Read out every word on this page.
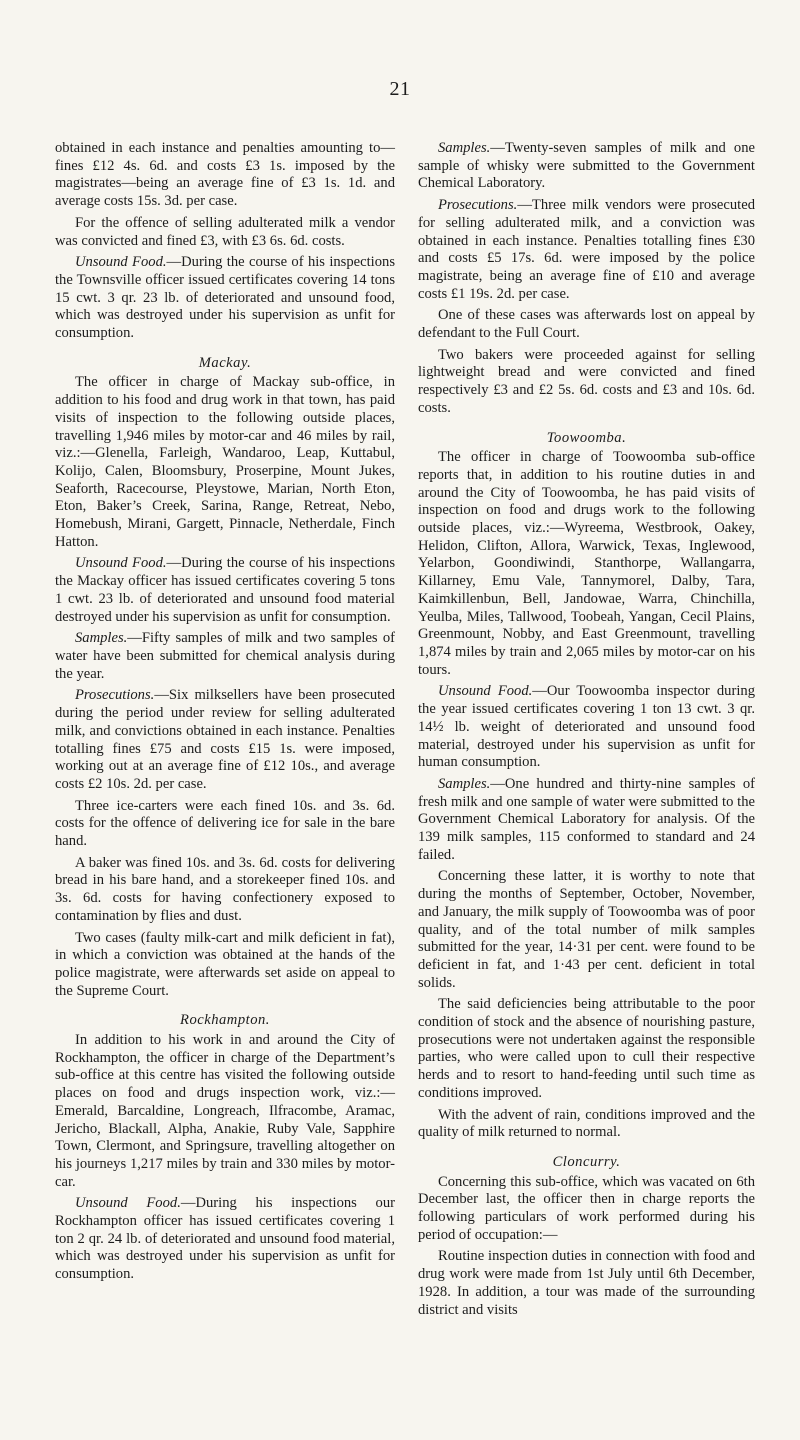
21

obtained in each instance and penalties amounting to—fines £12 4s. 6d. and costs £3 1s. imposed by the magistrates—being an average fine of £3 1s. 1d. and average costs 15s. 3d. per case.

For the offence of selling adulterated milk a vendor was convicted and fined £3, with £3 6s. 6d. costs.

Unsound Food.—During the course of his inspections the Townsville officer issued certificates covering 14 tons 15 cwt. 3 qr. 23 lb. of deteriorated and unsound food, which was destroyed under his supervision as unfit for consumption.

Mackay.

The officer in charge of Mackay sub-office, in addition to his food and drug work in that town, has paid visits of inspection to the following outside places, travelling 1,946 miles by motor-car and 46 miles by rail, viz.:—Glenella, Farleigh, Wandaroo, Leap, Kuttabul, Kolijo, Calen, Bloomsbury, Proserpine, Mount Jukes, Seaforth, Racecourse, Pleystowe, Marian, North Eton, Eton, Baker’s Creek, Sarina, Range, Retreat, Nebo, Homebush, Mirani, Gargett, Pinnacle, Netherdale, Finch Hatton.

Unsound Food.—During the course of his inspections the Mackay officer has issued certificates covering 5 tons 1 cwt. 23 lb. of deteriorated and unsound food material destroyed under his supervision as unfit for consumption.

Samples.—Fifty samples of milk and two samples of water have been submitted for chemical analysis during the year.

Prosecutions.—Six milksellers have been prosecuted during the period under review for selling adulterated milk, and convictions obtained in each instance. Penalties totalling fines £75 and costs £15 1s. were imposed, working out at an average fine of £12 10s., and average costs £2 10s. 2d. per case.

Three ice-carters were each fined 10s. and 3s. 6d. costs for the offence of delivering ice for sale in the bare hand.

A baker was fined 10s. and 3s. 6d. costs for delivering bread in his bare hand, and a storekeeper fined 10s. and 3s. 6d. costs for having confectionery exposed to contamination by flies and dust.

Two cases (faulty milk-cart and milk deficient in fat), in which a conviction was obtained at the hands of the police magistrate, were afterwards set aside on appeal to the Supreme Court.

Rockhampton.

In addition to his work in and around the City of Rockhampton, the officer in charge of the Department’s sub-office at this centre has visited the following outside places on food and drugs inspection work, viz.:—Emerald, Barcaldine, Longreach, Ilfracombe, Aramac, Jericho, Blackall, Alpha, Anakie, Ruby Vale, Sapphire Town, Clermont, and Springsure, travelling altogether on his journeys 1,217 miles by train and 330 miles by motor-car.

Unsound Food.—During his inspections our Rockhampton officer has issued certificates covering 1 ton 2 qr. 24 lb. of deteriorated and unsound food material, which was destroyed under his supervision as unfit for consumption.

Samples.—Twenty-seven samples of milk and one sample of whisky were submitted to the Government Chemical Laboratory.

Prosecutions.—Three milk vendors were prosecuted for selling adulterated milk, and a conviction was obtained in each instance. Penalties totalling fines £30 and costs £5 17s. 6d. were imposed by the police magistrate, being an average fine of £10 and average costs £1 19s. 2d. per case.

One of these cases was afterwards lost on appeal by defendant to the Full Court.

Two bakers were proceeded against for selling lightweight bread and were convicted and fined respectively £3 and £2 5s. 6d. costs and £3 and 10s. 6d. costs.

Toowoomba.

The officer in charge of Toowoomba sub-office reports that, in addition to his routine duties in and around the City of Toowoomba, he has paid visits of inspection on food and drugs work to the following outside places, viz.:—Wyreema, Westbrook, Oakey, Helidon, Clifton, Allora, Warwick, Texas, Inglewood, Yelarbon, Goondiwindi, Stanthorpe, Wallangarra, Killarney, Emu Vale, Tannymorel, Dalby, Tara, Kaimkillenbun, Bell, Jandowae, Warra, Chinchilla, Yeulba, Miles, Tallwood, Toobeah, Yangan, Cecil Plains, Greenmount, Nobby, and East Greenmount, travelling 1,874 miles by train and 2,065 miles by motor-car on his tours.

Unsound Food.—Our Toowoomba inspector during the year issued certificates covering 1 ton 13 cwt. 3 qr. 14½ lb. weight of deteriorated and unsound food material, destroyed under his supervision as unfit for human consumption.

Samples.—One hundred and thirty-nine samples of fresh milk and one sample of water were submitted to the Government Chemical Laboratory for analysis. Of the 139 milk samples, 115 conformed to standard and 24 failed.

Concerning these latter, it is worthy to note that during the months of September, October, November, and January, the milk supply of Toowoomba was of poor quality, and of the total number of milk samples submitted for the year, 14·31 per cent. were found to be deficient in fat, and 1·43 per cent. deficient in total solids.

The said deficiencies being attributable to the poor condition of stock and the absence of nourishing pasture, prosecutions were not undertaken against the responsible parties, who were called upon to cull their respective herds and to resort to hand-feeding until such time as conditions improved.

With the advent of rain, conditions improved and the quality of milk returned to normal.

Cloncurry.

Concerning this sub-office, which was vacated on 6th December last, the officer then in charge reports the following particulars of work performed during his period of occupation:—

Routine inspection duties in connection with food and drug work were made from 1st July until 6th December, 1928. In addition, a tour was made of the surrounding district and visits
